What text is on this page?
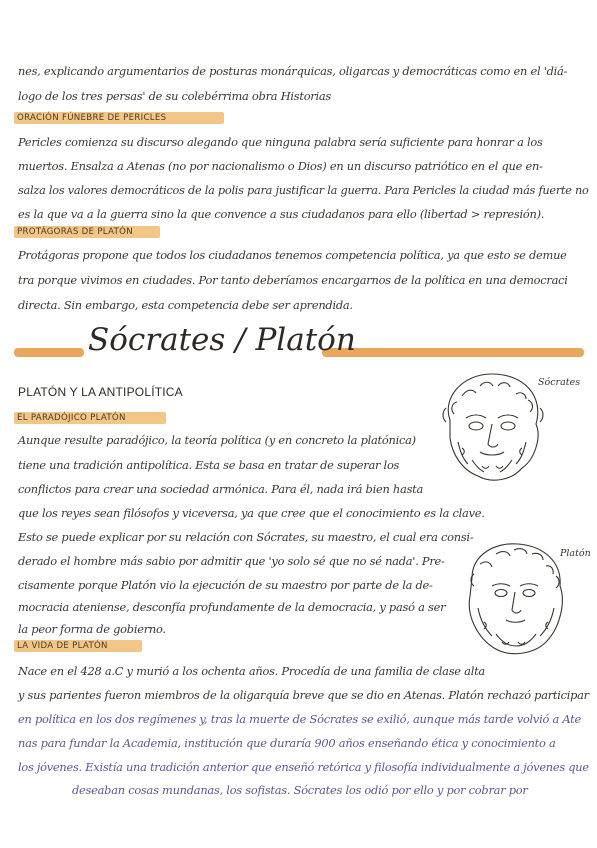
nes, explicando argumentarios de posturas monárquicas, oligarcas y democráticas como en el 'diá-
logo de los tres persas' de su colebérrima obra Historias
ORACIÓN FÚNEBRE DE PERICLES
Pericles comienza su discurso alegando que ninguna palabra sería suficiente para honrar a los
muertos. Ensalza a Atenas (no por nacionalismo o Dios) en un discurso patriótico en el que en-
salza los valores democráticos de la polis para justificar la guerra. Para Pericles la ciudad más fuerte no
es la que va a la guerra sino la que convence a sus ciudadanos para ello (libertad > represión).
PROTÁGORAS DE PLATÓN
Protágoras propone que todos los ciudadanos tenemos competencia política, ya que esto se demue
tra porque vivimos en ciudades. Por tanto deberíamos encargarnos de la política en una democraci
directa. Sin embargo, esta competencia debe ser aprendida.
Sócrates / Platón
PLATÓN Y LA ANTIPOLÍTICA
EL PARADÓJICO PLATÓN
Aunque resulte paradójico, la teoría política (y en concreto la platónica)
tiene una tradición antipolítica. Esta se basa en tratar de superar los
conflictos para crear una sociedad armónica. Para él, nada irá bien hasta
que los reyes sean filósofos y viceversa, ya que cree que el conocimiento es la clave.
Esto se puede explicar por su relación con Sócrates, su maestro, el cual era consi-
derado el hombre más sabio por admitir que 'yo solo sé que no sé nada'. Pre-
cisamente porque Platón vio la ejecución de su maestro por parte de la de-
mocracia ateniense, desconfía profundamente de la democracia, y pasó a ser
la peor forma de gobierno.
LA VIDA DE PLATÓN
Nace en el 428 a.C y murió a los ochenta años. Procedía de una familia de clase alta
y sus parientes fueron miembros de la oligarquía breve que se dio en Atenas. Platón rechazó participar
en política en los dos regímenes y, tras la muerte de Sócrates se exilió, aunque más tarde volvió a Ate
nas para fundar la Academia, institución que duraría 900 años enseñando ética y conocimiento a
los jóvenes. Existía una tradición anterior que enseñó retórica y filosofía individualmente a jóvenes que
deseaban cosas mundanas, los sofistas. Sócrates los odió por ello y por cobrar por
Sócrates
Platón
